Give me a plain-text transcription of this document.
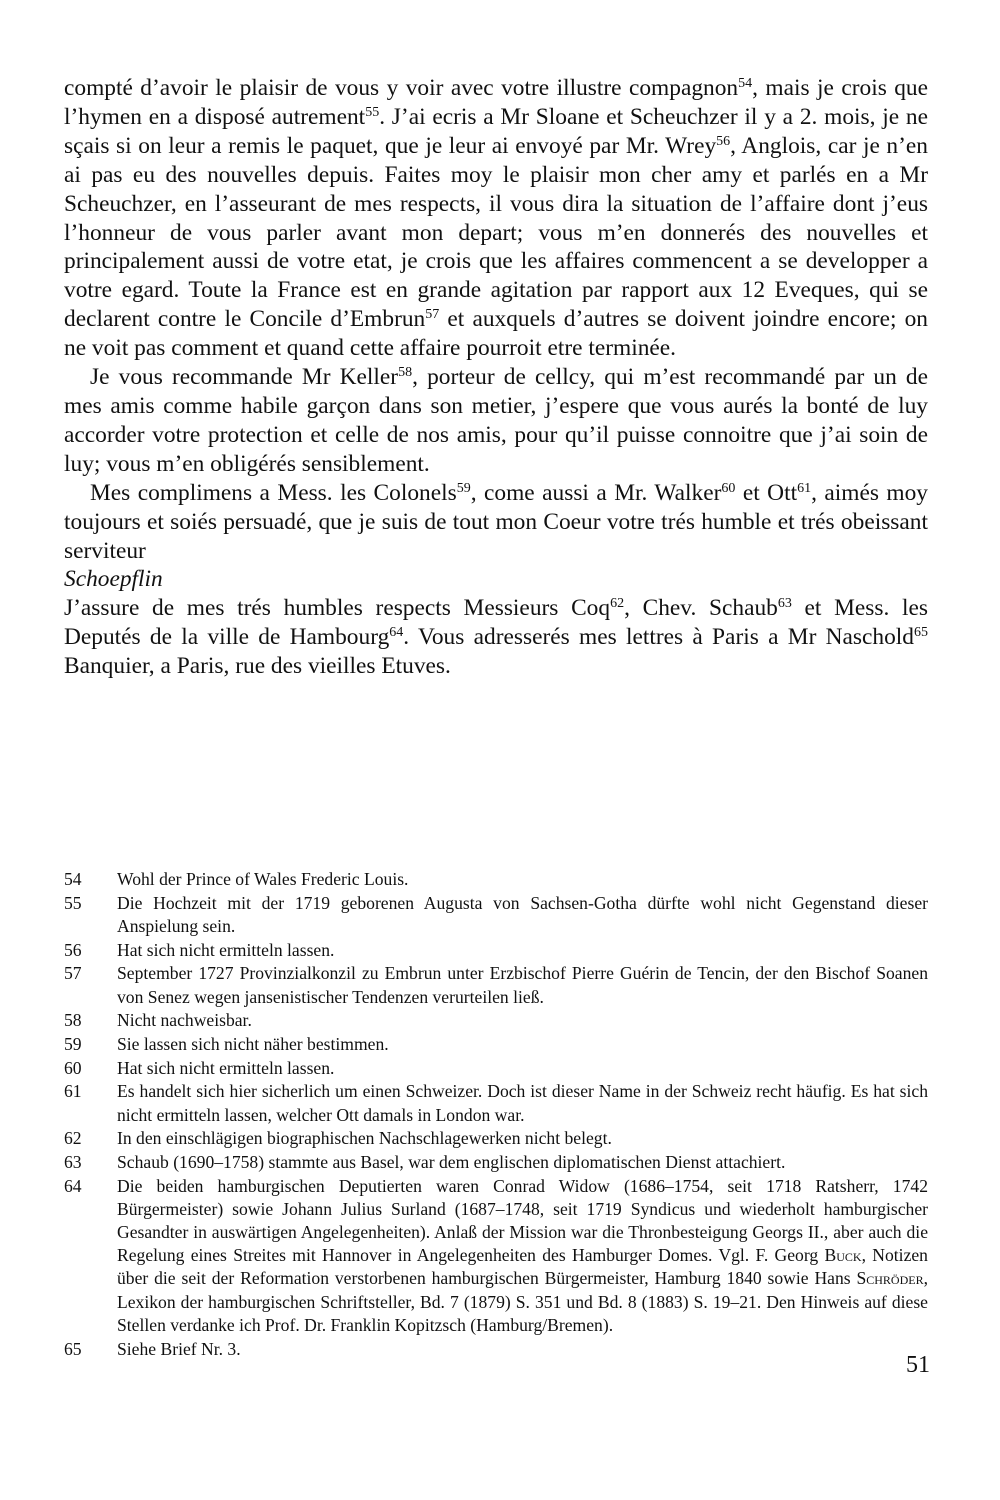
compté d’avoir le plaisir de vous y voir avec votre illustre compagnon$^{54}$, mais je crois que l’hymen en a disposé autrement$^{55}$. J’ai ecris a Mr Sloane et Scheuchzer il y a 2. mois, je ne sçais si on leur a remis le paquet, que je leur ai envoyé par Mr. Wrey$^{56}$, Anglois, car je n’en ai pas eu des nouvelles depuis. Faites moy le plaisir mon cher amy et parlés en a Mr Scheuchzer, en l’asseurant de mes respects, il vous dira la situation de l’affaire dont j’eus l’honneur de vous parler avant mon depart; vous m’en donnerés des nouvelles et principalement aussi de votre etat, je crois que les affaires commencent a se developper a votre egard. Toute la France est en grande agitation par rapport aux 12 Eveques, qui se declarent contre le Concile d’Embrun$^{57}$ et auxquels d’autres se doivent joindre encore; on ne voit pas comment et quand cette affaire pourroit etre terminée.

Je vous recommande Mr Keller$^{58}$, porteur de cellcy, qui m’est recommandé par un de mes amis comme habile garçon dans son metier, j’espere que vous aurés la bonté de luy accorder votre protection et celle de nos amis, pour qu’il puisse connoitre que j’ai soin de luy; vous m’en obligérés sensiblement.

Mes complimens a Mess. les Colonels$^{59}$, come aussi a Mr. Walker$^{60}$ et Ott$^{61}$, aimés moy toujours et soiés persuadé, que je suis de tout mon Coeur votre trés humble et trés obeissant serviteur

Schoepflin

J’assure de mes trés humbles respects Messieurs Coq$^{62}$, Chev. Schaub$^{63}$ et Mess. les Deputés de la ville de Hambourg$^{64}$. Vous adresserés mes lettres à Paris a Mr Naschold$^{65}$ Banquier, a Paris, rue des vieilles Etuves.

54	Wohl der Prince of Wales Frederic Louis.
55	Die Hochzeit mit der 1719 geborenen Augusta von Sachsen-Gotha dürfte wohl nicht Gegenstand dieser Anspielung sein.
56	Hat sich nicht ermitteln lassen.
57	September 1727 Provinzialkonzil zu Embrun unter Erzbischof Pierre Guérin de Tencin, der den Bischof Soanen von Senez wegen jansenistischer Tendenzen verurteilen ließ.
58	Nicht nachweisbar.
59	Sie lassen sich nicht näher bestimmen.
60	Hat sich nicht ermitteln lassen.
61	Es handelt sich hier sicherlich um einen Schweizer. Doch ist dieser Name in der Schweiz recht häufig. Es hat sich nicht ermitteln lassen, welcher Ott damals in London war.
62	In den einschlägigen biographischen Nachschlagewerken nicht belegt.
63	Schaub (1690–1758) stammte aus Basel, war dem englischen diplomatischen Dienst attachiert.
64	Die beiden hamburgischen Deputierten waren Conrad Widow (1686–1754, seit 1718 Ratsherr, 1742 Bürgermeister) sowie Johann Julius Surland (1687–1748, seit 1719 Syndicus und wiederholt hamburgischer Gesandter in auswärtigen Angelegenheiten). Anlaß der Mission war die Thronbesteigung Georgs II., aber auch die Regelung eines Streites mit Hannover in Angelegenheiten des Hamburger Domes. Vgl. F. Georg Buck, Notizen über die seit der Reformation verstorbenen hamburgischen Bürgermeister, Hamburg 1840 sowie Hans Schröder, Lexikon der hamburgischen Schriftsteller, Bd. 7 (1879) S. 351 und Bd. 8 (1883) S. 19–21. Den Hinweis auf diese Stellen verdanke ich Prof. Dr. Franklin Kopitzsch (Hamburg/Bremen).
65	Siehe Brief Nr. 3.
51
